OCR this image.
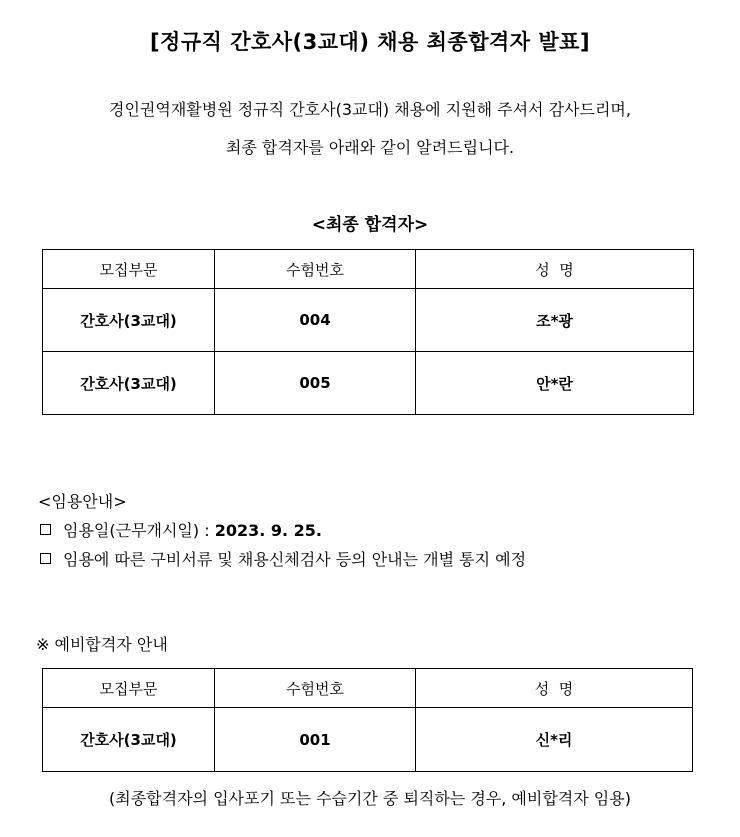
[정규직 간호사(3교대) 채용 최종합격자 발표]
경인권역재활병원 정규직 간호사(3교대) 채용에 지원해 주셔서 감사드리며,
최종 합격자를 아래와 같이 알려드립니다.
<최종 합격자>
모집부문	수험번호	성  명
간호사(3교대)	004	조*광
간호사(3교대)	005	안*란
<임용안내>
임용일(근무개시일) : 2023. 9. 25.
임용에 따른 구비서류 및 채용신체검사 등의 안내는 개별 통지 예정
※ 예비합격자 안내
모집부문	수험번호	성  명
간호사(3교대)	001	신*리
(최종합격자의 입사포기 또는 수습기간 중 퇴직하는 경우, 예비합격자 임용)
